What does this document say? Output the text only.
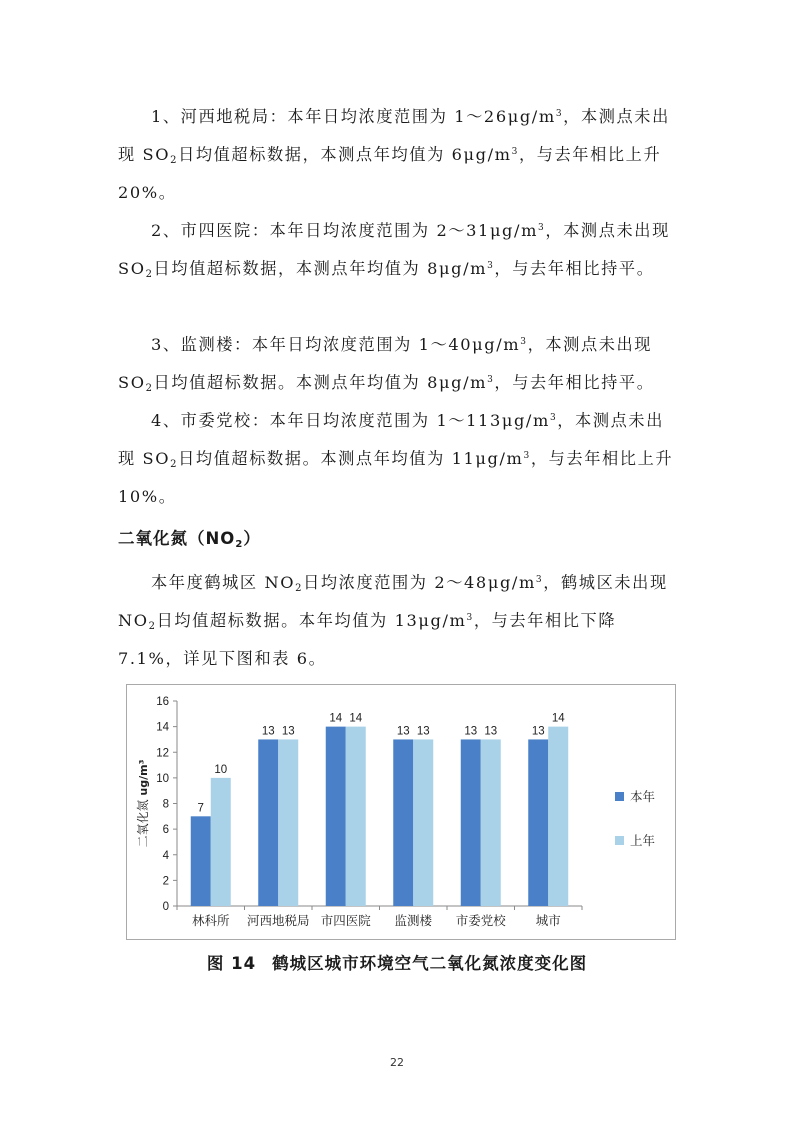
1、河西地税局：本年日均浓度范围为 $1\sim 26\mu g/m^3$，本测点未出现 $SO_2$日均值超标数据，本测点年均值为 $6\mu g/m^3$，与去年相比上升 20%。

2、市四医院：本年日均浓度范围为 $2\sim 31\mu g/m^3$，本测点未出现 $SO_2$日均值超标数据，本测点年均值为 $8\mu g/m^3$，与去年相比持平。

3、监测楼：本年日均浓度范围为 $1\sim 40\mu g/m^3$，本测点未出现 $SO_2$日均值超标数据。本测点年均值为 $8\mu g/m^3$，与去年相比持平。

4、市委党校：本年日均浓度范围为 $1\sim 113\mu g/m^3$，本测点未出现 $SO_2$日均值超标数据。本测点年均值为 $11\mu g/m^3$，与去年相比上升 10%。

二氧化氮$(NO_2)$

本年度鹤城区 $NO_2$日均浓度范围为 $2\sim 48\mu g/m^3$，鹤城区未出现 $NO_2$日均值超标数据。本年均值为 $13\mu g/m^3$，与去年相比下降 7.1%，详见下图和表 6。

0
2
4
6
8
10
12
14
16
7
10
林科所
13 13
河西地税局
14 14
市四医院
13 13
监测楼
13 13
市委党校
13
14
城市
二氧化氮 ug/m³
本年
上年
图 14 鹤城区城市环境空气二氧化氮浓度变化图
22
